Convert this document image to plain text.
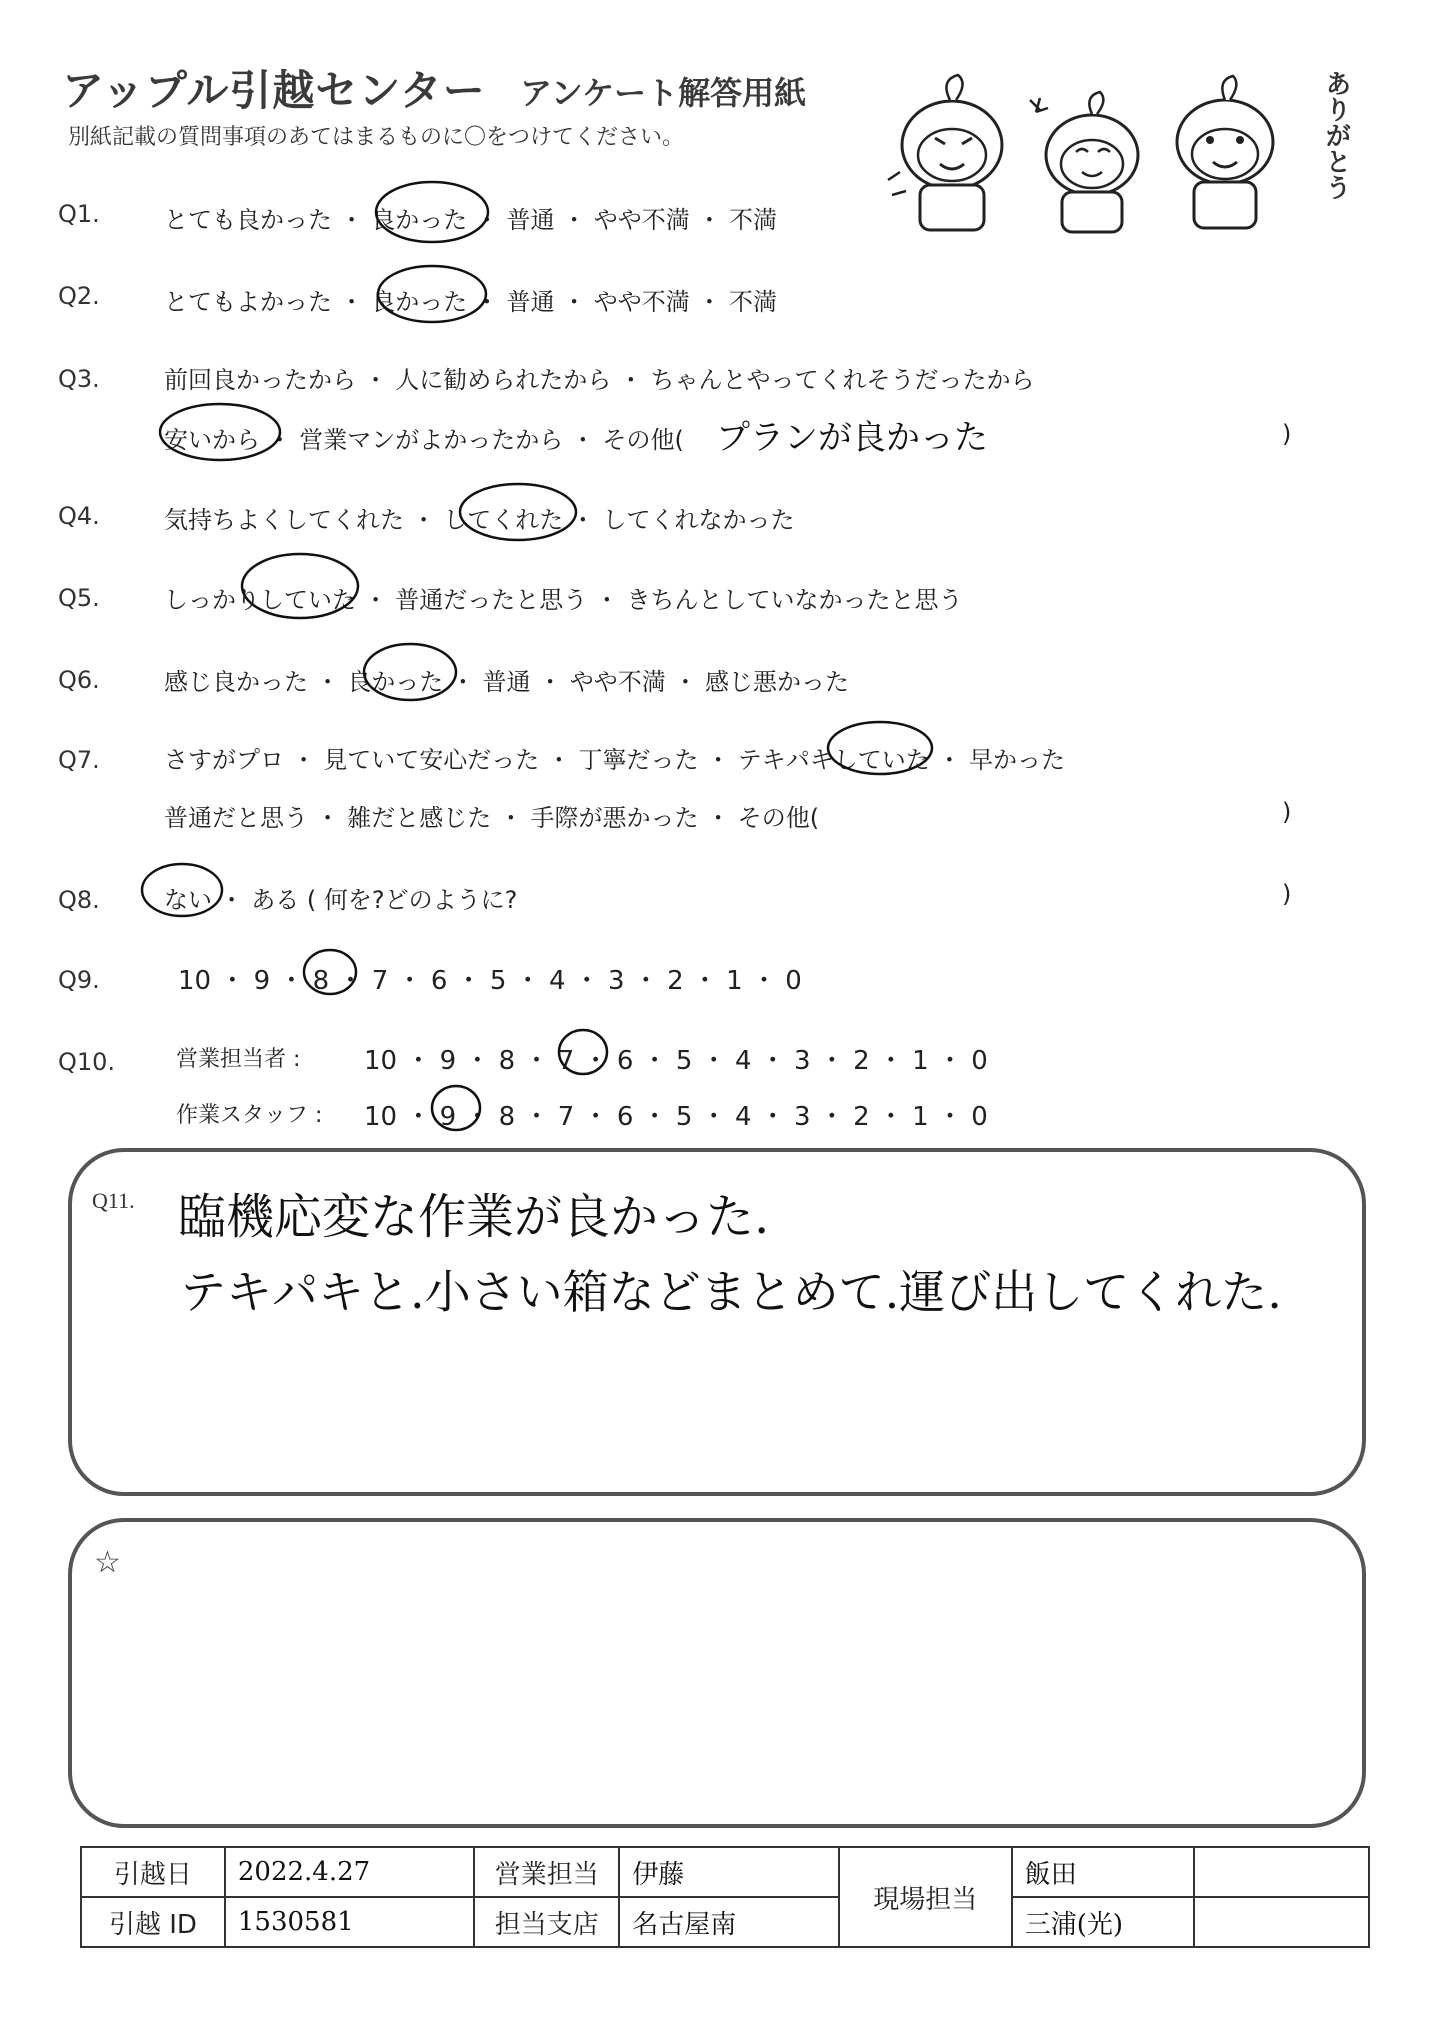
アップル引越センター アンケート解答用紙
別紙記載の質問事項のあてはまるものに〇をつけてください。	ありがとう
Q1.	とても良かった ・ 良かった ・ 普通 ・ やや不満 ・ 不満
Q2.	とてもよかった ・ 良かった ・ 普通 ・ やや不満 ・ 不満
Q3.	前回良かったから ・ 人に勧められたから ・ ちゃんとやってくれそうだったから
安いから ・ 営業マンがよかったから ・ その他( プランが良かった	)
Q4.	気持ちよくしてくれた ・ してくれた ・ してくれなかった
Q5.	しっかりしていた ・ 普通だったと思う ・ きちんとしていなかったと思う
Q6.	感じ良かった ・ 良かった ・ 普通 ・ やや不満 ・ 感じ悪かった
Q7.	さすがプロ ・ 見ていて安心だった ・ 丁寧だった ・ テキパキしていた ・ 早かった
普通だと思う ・ 雑だと感じた ・ 手際が悪かった ・ その他(	)
Q8.	ない ・ ある ( 何を?どのように?	)
Q9.	10 ・ 9 ・ 8 ・ 7 ・ 6 ・ 5 ・ 4 ・ 3 ・ 2 ・ 1 ・ 0
Q10.	営業担当者 : 10 ・ 9 ・ 8 ・ 7 ・ 6 ・ 5 ・ 4 ・ 3 ・ 2 ・ 1 ・ 0
作業スタッフ : 10 ・ 9 ・ 8 ・ 7 ・ 6 ・ 5 ・ 4 ・ 3 ・ 2 ・ 1 ・ 0
Q11. 臨機応変な作業が良かった.
テキパキと.小さい箱などまとめて.運び出してくれた.
☆
引越日	2022.4.27	営業担当	伊藤	現場担当	飯田	
引越 ID	1530581	担当支店	名古屋南		三浦(光)	
